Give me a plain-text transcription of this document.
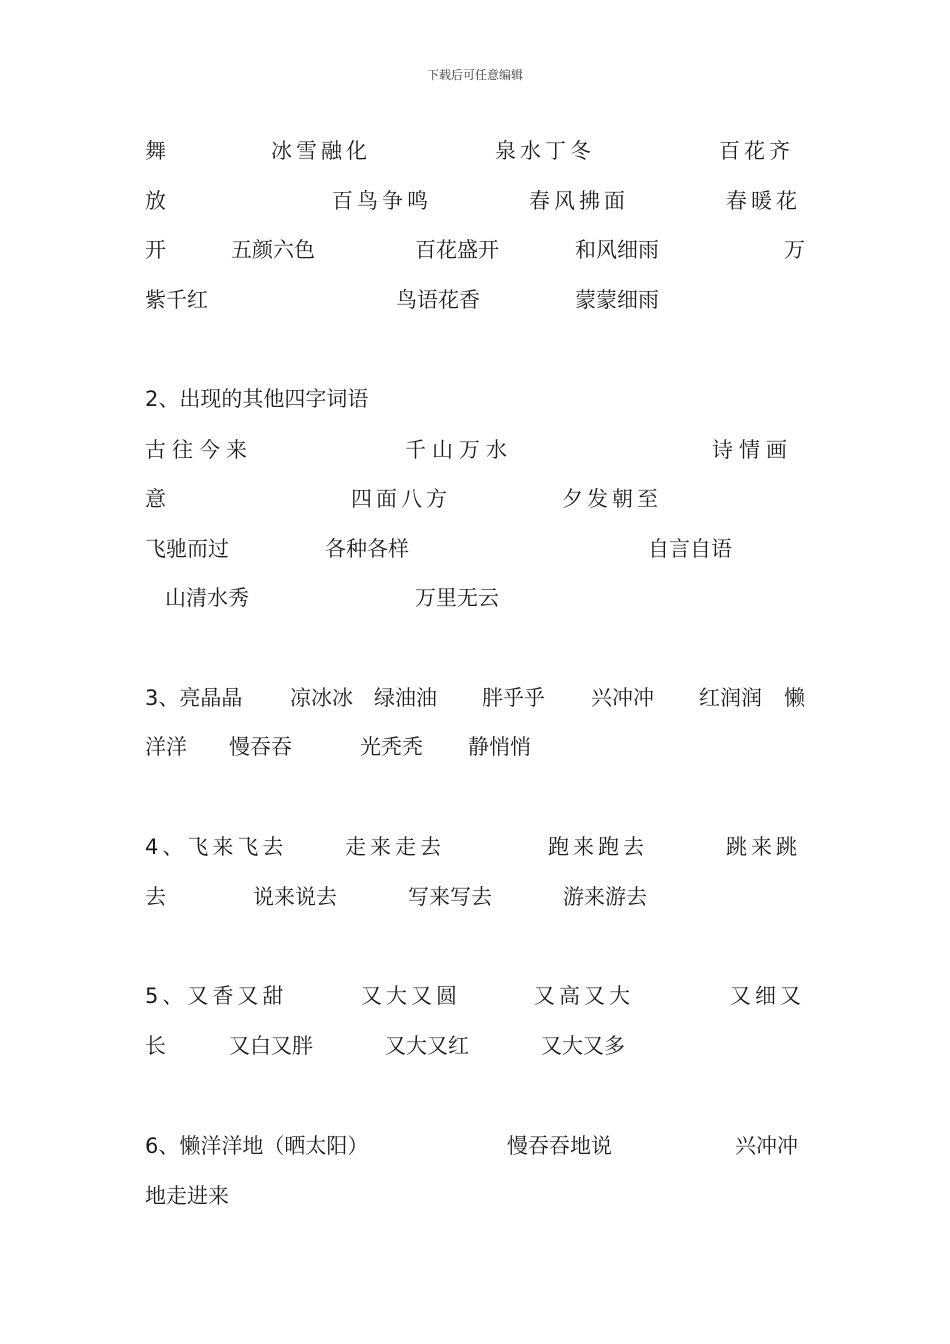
下载后可任意编辑
舞	冰雪融化	泉水丁冬	百花齐
放	百鸟争鸣	春风拂面	春暖花
开	五颜六色	百花盛开	和风细雨	万
紫千红	鸟语花香	蒙蒙细雨
2、出现的其他四字词语
古往今来	千山万水	诗情画
意	四面八方	夕发朝至
飞驰而过	各种各样	自言自语
山清水秀	万里无云
3、亮晶晶 凉冰冰 绿油油 胖乎乎 兴冲冲 红润润 懒
洋洋 慢吞吞	光秃秃 静悄悄
4、飞来飞去	走来走去	跑来跑去	跳来跳
去	说来说去	写来写去	游来游去
5、又香又甜	又大又圆	又高又大	又细又
长	又白又胖	又大又红	又大又多
6、懒洋洋地（晒太阳）	慢吞吞地说	兴冲冲
地走进来
